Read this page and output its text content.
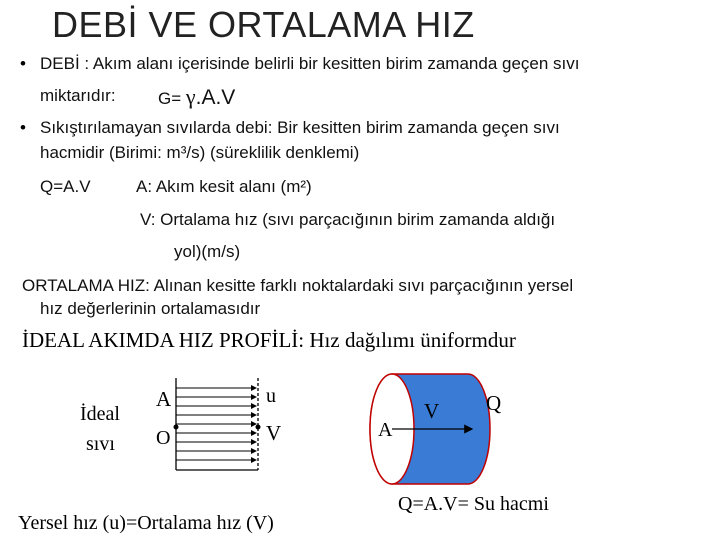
DEBİ VE ORTALAMA HIZ
• DEBİ : Akım alanı içerisinde belirli bir kesitten birim zamanda geçen sıvı
miktarıdır: G= γ.A.V
• Sıkıştırılamayan sıvılarda debi: Bir kesitten birim zamanda geçen sıvı
hacmidir (Birimi: m³/s) (süreklilik denklemi)
Q=A.V	A: Akım kesit alanı (m²)
V: Ortalama hız (sıvı parçacığının birim zamanda aldığı
yol)(m/s)
ORTALAMA HIZ: Alınan kesitte farklı noktalardaki sıvı parçacığının yersel
hız değerlerinin ortalamasıdır
İDEAL AKIMDA HIZ PROFİLİ: Hız dağılımı üniformdur
İdeal
sıvı
A
O
u
V
Yersel hız (u)=Ortalama hız (V)
A
V Q
Q=A.V= Su hacmi
